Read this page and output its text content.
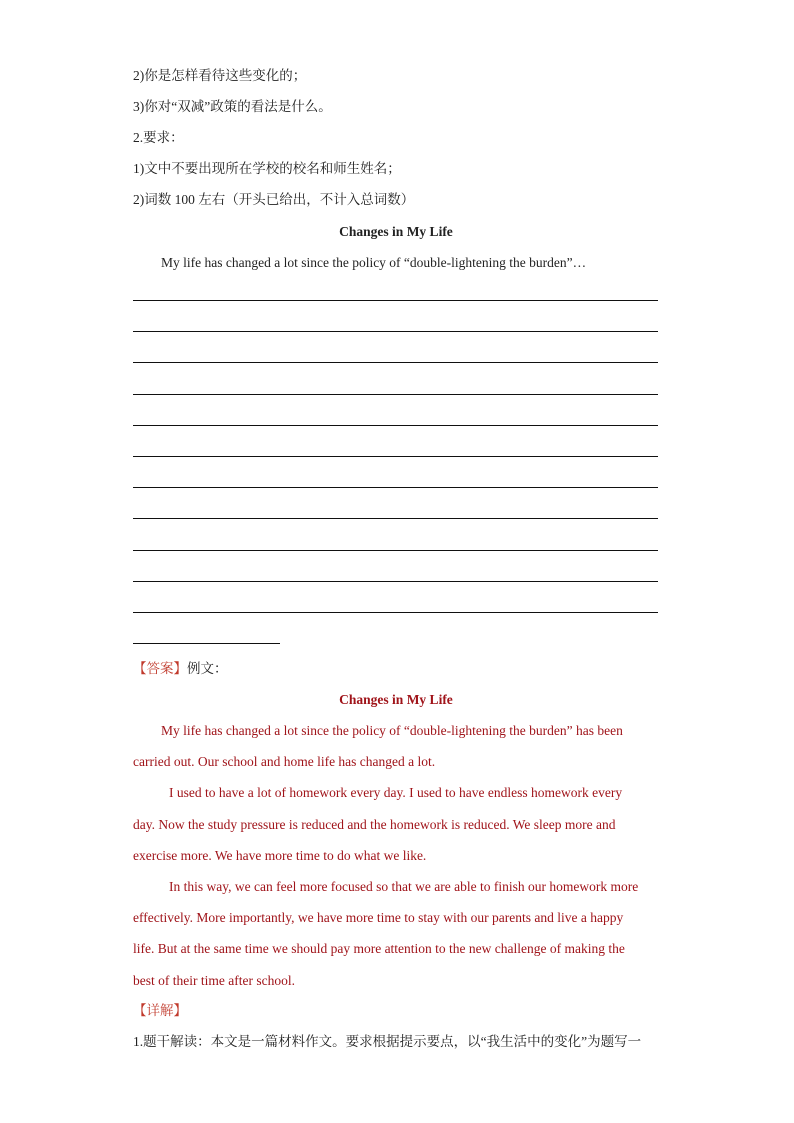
2)你是怎样看待这些变化的；
3)你对“双减”政策的看法是什么。
2.要求：
1)文中不要出现所在学校的校名和师生姓名；
2)词数 100 左右（开头已给出，不计入总词数）
Changes in My Life
My life has changed a lot since the policy of “double-lightening the burden”…
【答案】例文：
Changes in My Life

My life has changed a lot since the policy of “double-lightening the burden” has been

carried out. Our school and home life has changed a lot.

I used to have a lot of homework every day. I used to have endless homework every

day. Now the study pressure is reduced and the homework is reduced. We sleep more and

exercise more. We have more time to do what we like.

In this way, we can feel more focused so that we are able to finish our homework more

effectively. More importantly, we have more time to stay with our parents and live a happy

life. But at the same time we should pay more attention to the new challenge of making the

best of their time after school.

【详解】
1.题干解读：本文是一篇材料作文。要求根据提示要点，以“我生活中的变化”为题写一
